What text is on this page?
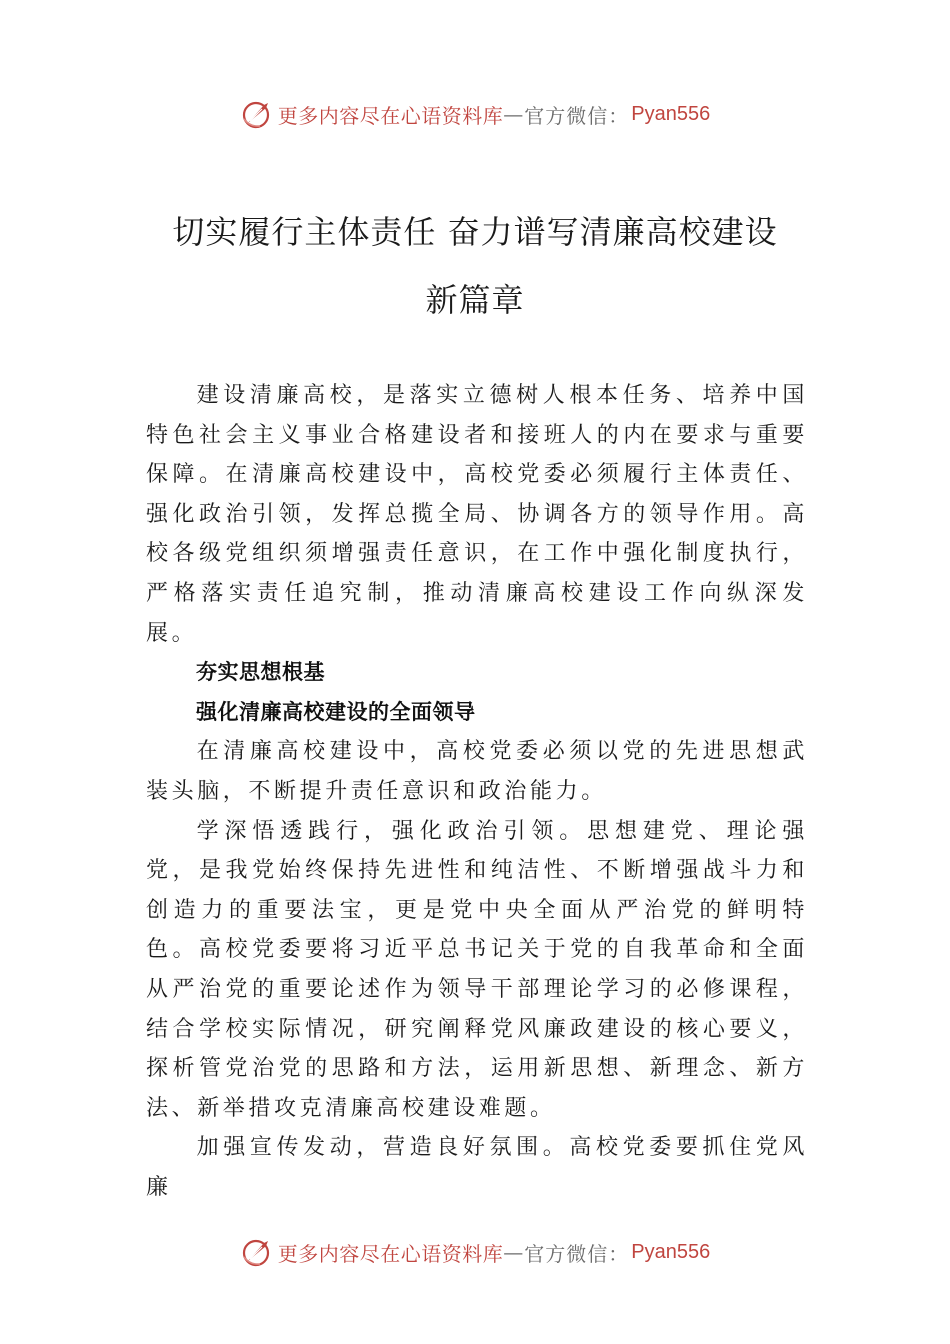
更多内容尽在心语资料库 — 官方微信： Pyan556
切实履行主体责任 奋力谱写清廉高校建设
新篇章

建设清廉高校，是落实立德树人根本任务、培养中国特色社会主义事业合格建设者和接班人的内在要求与重要保障。在清廉高校建设中，高校党委必须履行主体责任、强化政治引领，发挥总揽全局、协调各方的领导作用。高校各级党组织须增强责任意识，在工作中强化制度执行，严格落实责任追究制，推动清廉高校建设工作向纵深发展。

夯实思想根基

强化清廉高校建设的全面领导

在清廉高校建设中，高校党委必须以党的先进思想武装头脑，不断提升责任意识和政治能力。

学深悟透践行，强化政治引领。思想建党、理论强党，是我党始终保持先进性和纯洁性、不断增强战斗力和创造力的重要法宝，更是党中央全面从严治党的鲜明特色。高校党委要将习近平总书记关于党的自我革命和全面从严治党的重要论述作为领导干部理论学习的必修课程，结合学校实际情况，研究阐释党风廉政建设的核心要义，探析管党治党的思路和方法，运用新思想、新理念、新方法、新举措攻克清廉高校建设难题。

加强宣传发动，营造良好氛围。高校党委要抓住党风廉

更多内容尽在心语资料库 — 官方微信： Pyan556
